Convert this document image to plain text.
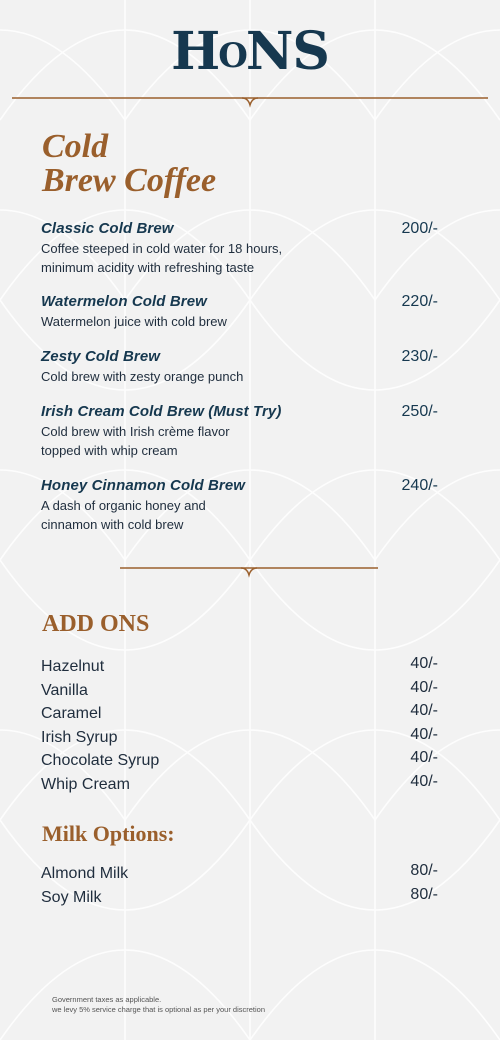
HONS
Cold
Brew Coffee
Classic Cold Brew
Coffee steeped in cold water for 18 hours,
minimum acidity with refreshing taste
200/-
Watermelon Cold Brew
Watermelon juice with cold brew
220/-
Zesty Cold Brew
Cold brew with zesty orange punch
230/-
Irish Cream Cold Brew (Must Try)
Cold brew with Irish crème flavor
topped with whip cream
250/-
Honey Cinnamon Cold Brew
A dash of organic honey and
cinnamon with cold brew
240/-
ADD ONS
Hazelnut	40/-
Vanilla	40/-
Caramel	40/-
Irish Syrup	40/-
Chocolate Syrup	40/-
Whip Cream	40/-
Milk Options:
Almond Milk	80/-
Soy Milk	80/-
Government taxes as applicable.
we levy 5% service charge that is optional as per your discretion
